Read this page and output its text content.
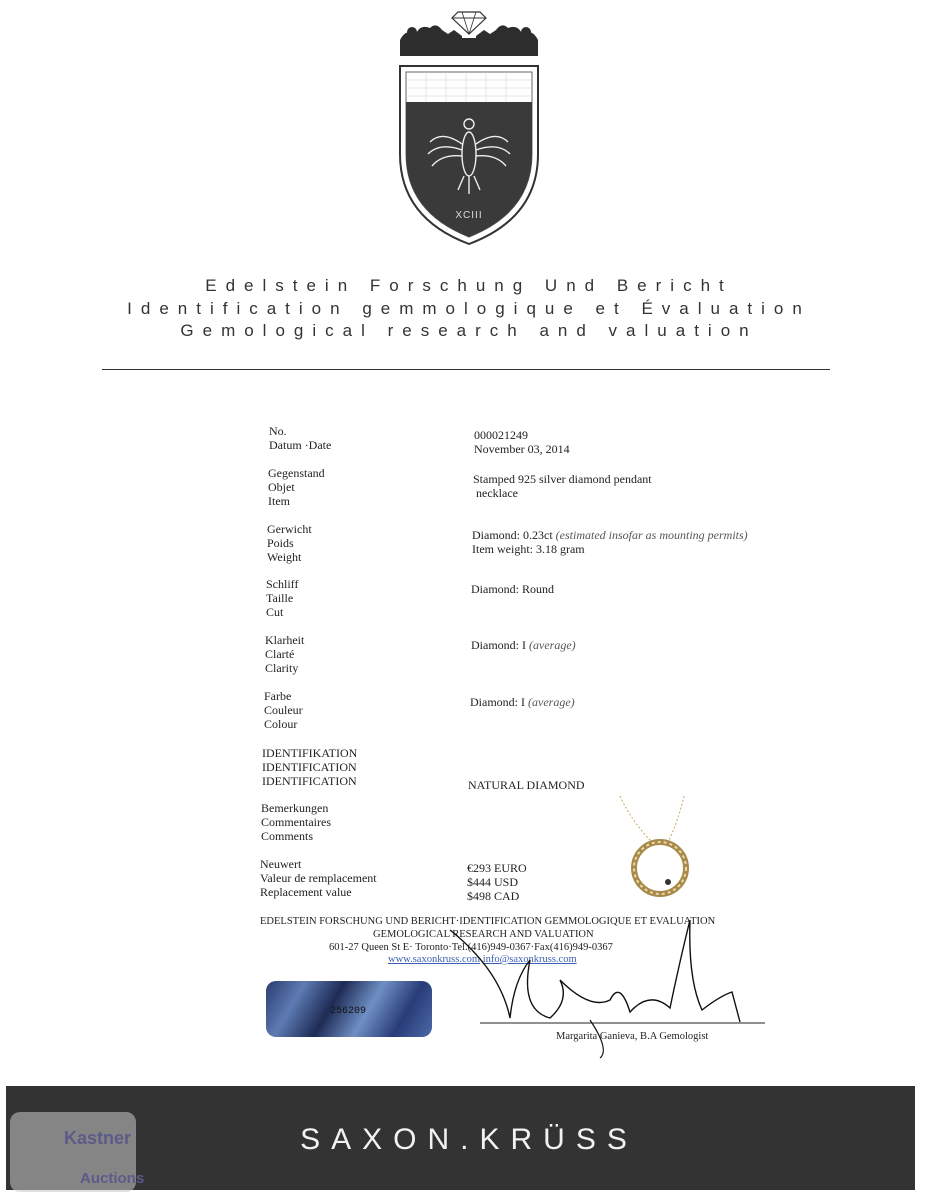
XCIII
Edelstein Forschung Und Bericht
Identification gemmologique et Évaluation
Gemological research and valuation
No.
Datum ·Date
000021249
November 03, 2014
Gegenstand
Objet
Item
Stamped 925 silver diamond pendant
necklace
Gerwicht
Poids
Weight
Diamond: 0.23ct (estimated insofar as mounting permits)
Item weight: 3.18 gram
Schliff
Taille
Cut
Diamond: Round
Klarheit
Clarté
Clarity
Diamond: I (average)
Farbe
Couleur
Colour
Diamond: I (average)
IDENTIFIKATION
IDENTIFICATION
IDENTIFICATION	NATURAL DIAMOND
Bemerkungen
Commentaires
Comments
Neuwert
Valeur de remplacement
Replacement value
€293 EURO
$444 USD
$498 CAD
EDELSTEIN FORSCHUNG UND BERICHT·IDENTIFICATION GEMMOLOGIQUE ET EVALUATION
GEMOLOGICAL RESEARCH AND VALUATION
601-27 Queen St E· Toronto·Tel.(416)949-0367·Fax(416)949-0367
www.saxonkruss.com info@saxonkruss.com
256209
Margarita Ganieva, B.A Gemologist
Kastner
Auctions
SAXON.KRÜSS
